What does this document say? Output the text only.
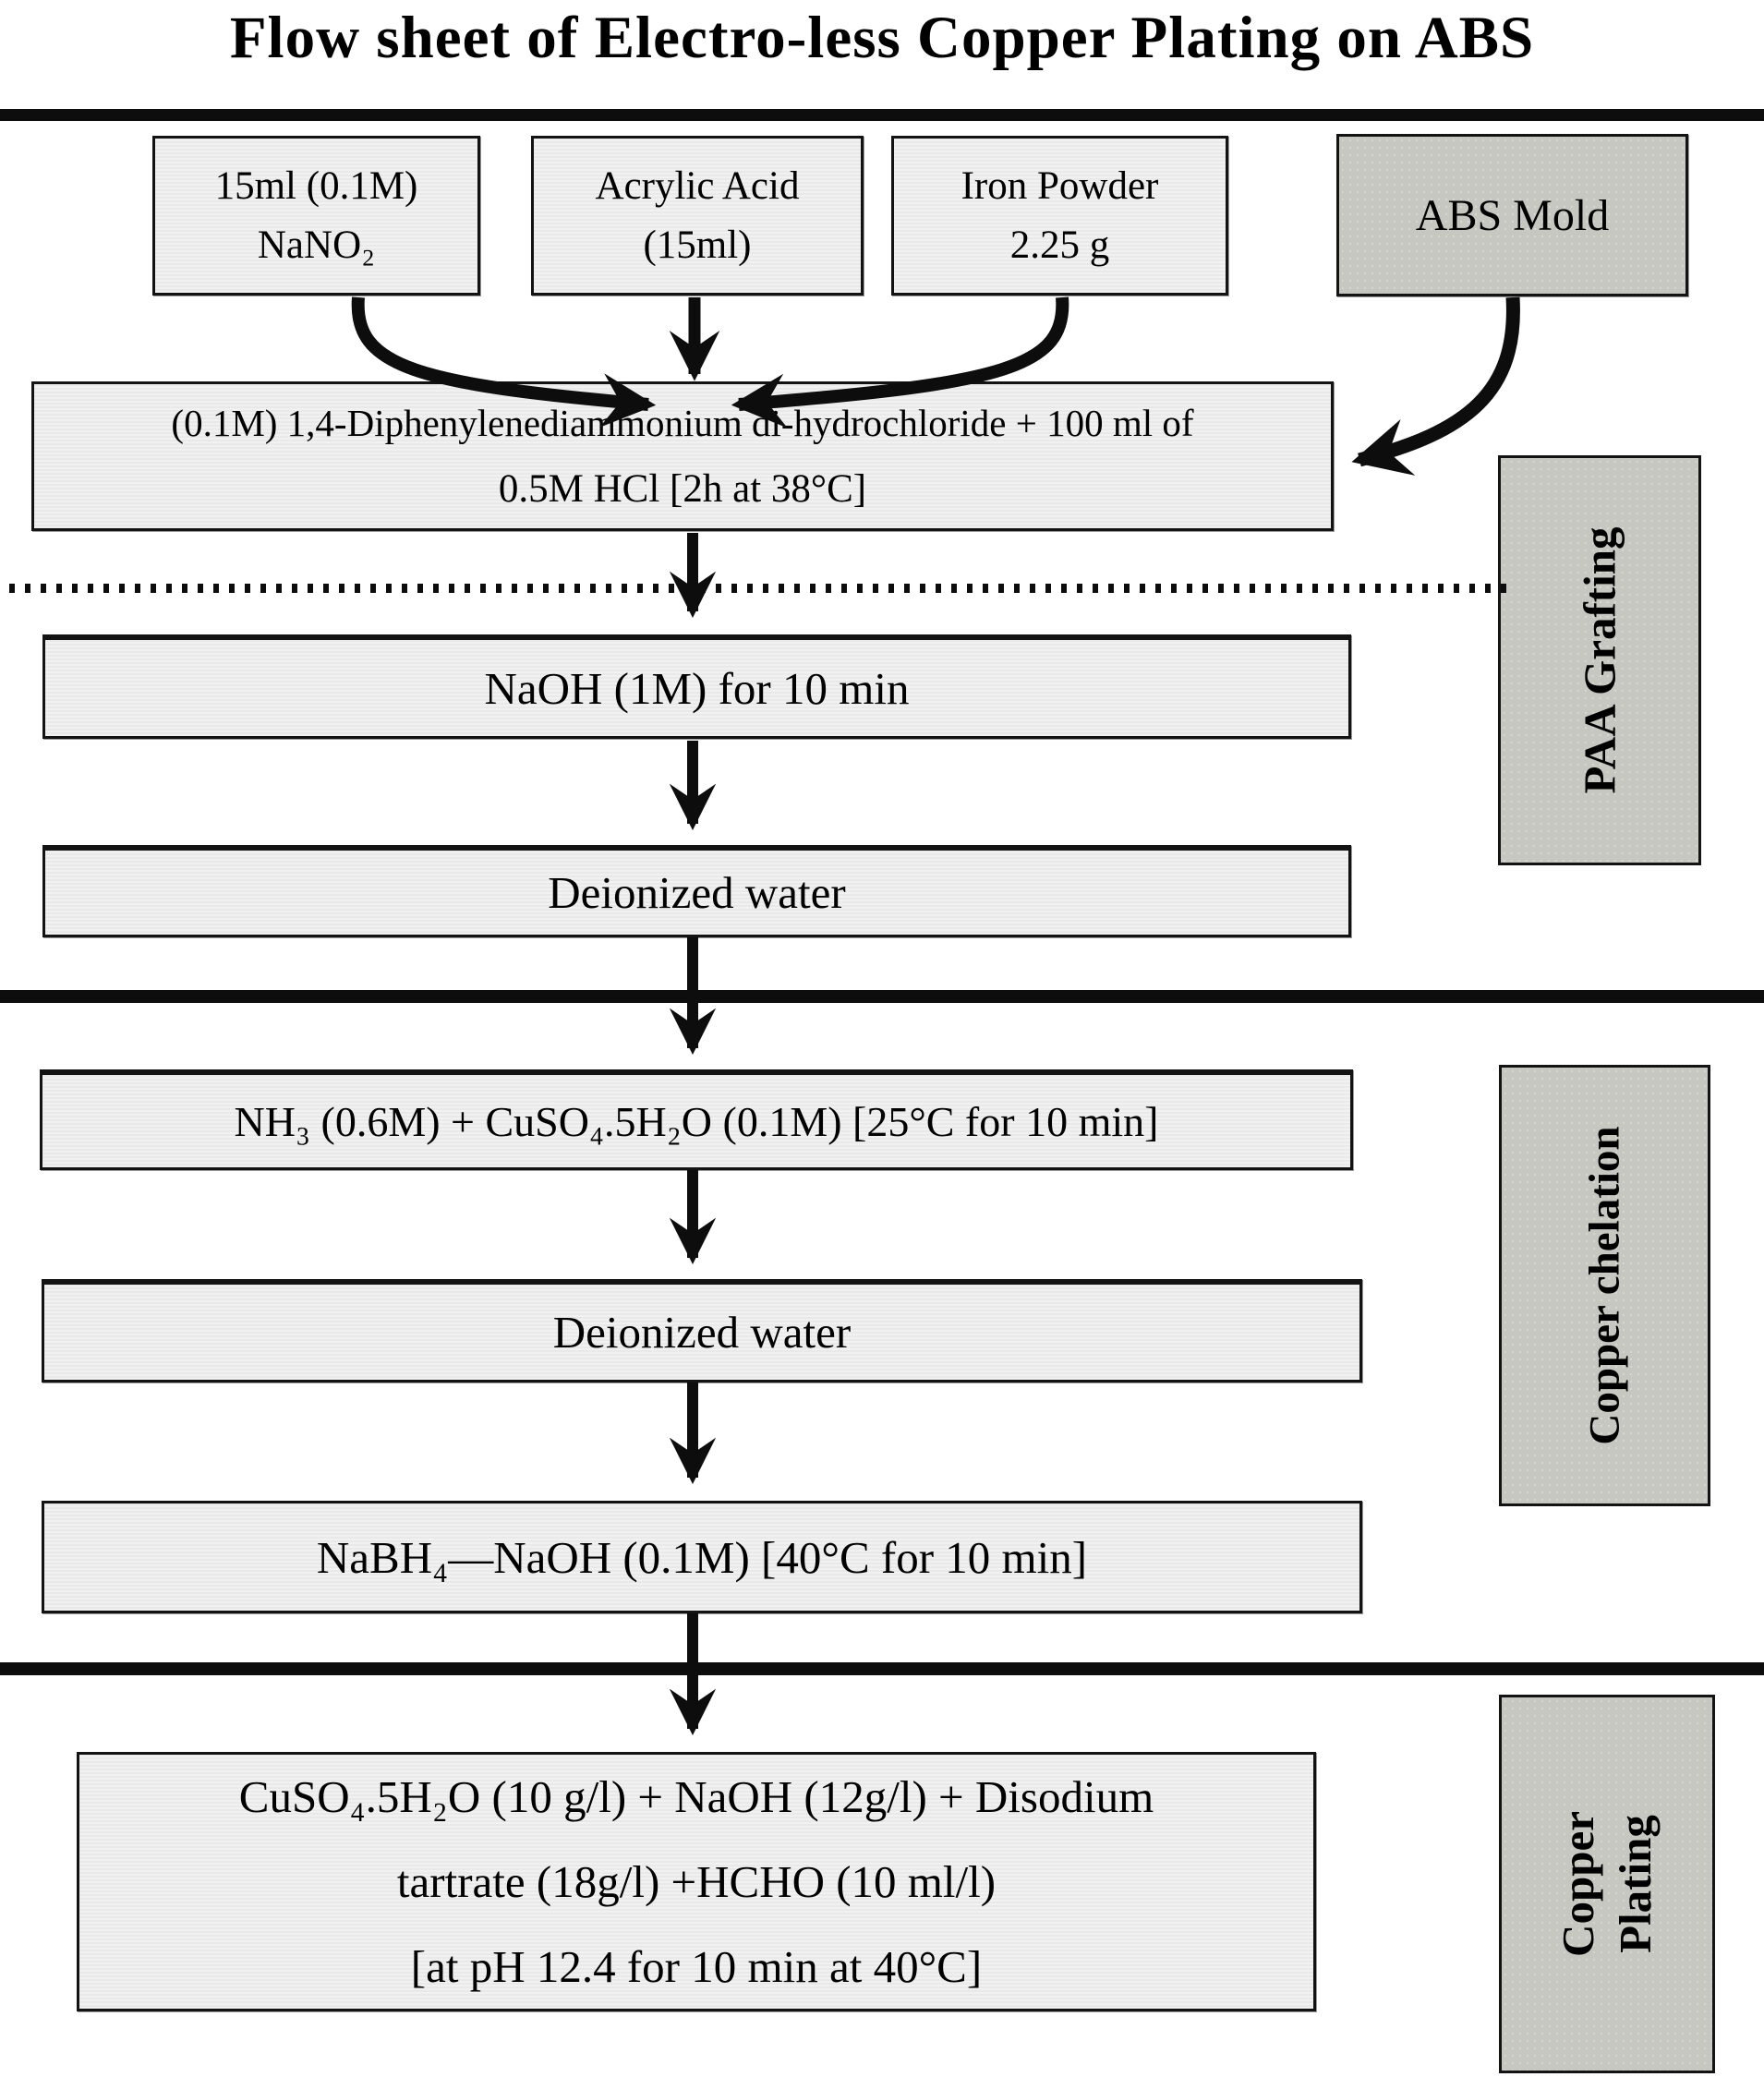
Flow sheet of Electro-less Copper Plating on ABS
15ml (0.1M)
NaNO₂
Acrylic Acid
(15ml)
Iron Powder
2.25 g
ABS Mold
(0.1M) 1,4-Diphenylenediammonium di-hydrochloride + 100 ml of
0.5M HCl [2h at 38°C]
NaOH (1M) for 10 min
Deionized water
NH₃ (0.6M) + CuSO₄.5H₂O (0.1M) [25°C for 10 min]
Deionized water
NaBH₄—NaOH (0.1M) [40°C for 10 min]
CuSO₄.5H₂O (10 g/l) + NaOH (12g/l) + Disodium
tartrate (18g/l) +HCHO (10 ml/l)
[at pH 12.4 for 10 min at 40°C]
PAA Grafting
Copper chelation
Copper Plating
